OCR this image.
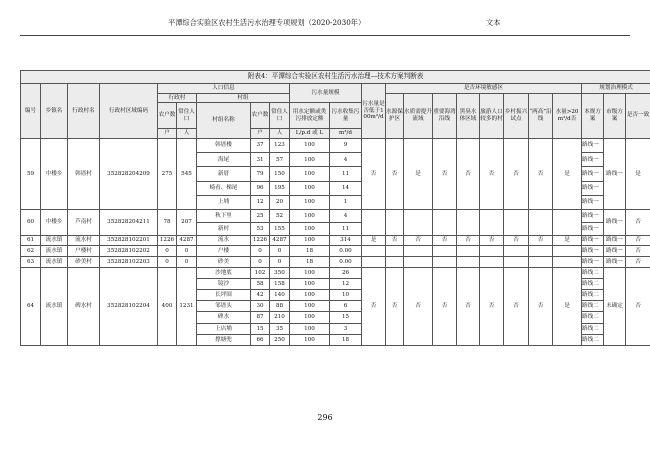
平潭综合实验区农村生活污水治理专项规划（2020-2030年）	文本
附表4：平潭综合实验区农村生活污水治理—技术方案判断表																						
编号	乡镇名	行政村名	行政村区域编码	人口信息					污水量规模		污水量是否低于100m³/d	是否环境敏感区								规划治理模式		
				行政村		村组						水源保护区	水质需提升流域	重要海湾沿线	黑臭水体区域	旅游人口较多的村	乡村振兴试点	“两高”沿线	水量>20m³/d否	本规方案	市级方案	是否一致
				农户数	常住人口	村组名称	农户数	常住人口	用水定额或类污排放定额	污水收集污量												
				户	人		户	人	L/p.d 或 L	m³/d												
59	中楼乡	韩厝村	352828204209	275	545	韩厝楼	37	123	100	9	否	否	是	否	否	否	否	否	是	路线一	路线一	是
						海尾	31	57	100	4										路线一		
						新厝	79	150	100	11										路线一		
						崎看、梯尾	96	195	100	14										路线一		
						上埔	12	20	100	1										路线一		
60	中楼乡	芦南村	352828204211	78	207	秋下里	25	52	100	4										路线一	路线一	否
						新村	53	155	100	11										路线一		
61	流水镇	流水村	352828102201	1226	4287	流水	1226	4287	100	314	是	否	否	否	否	否	否	否	是	路线一	路线一	否
62	流水镇	户楼村	352828102202	0	0	户楼	0	0	18	0.00										路线一	路线一	否
63	流水镇	砂美村	352828102203	0	0	砂美	0	0	18	0.00										路线一	路线一	否
64	流水镇	碑水村	352828102204	400	1231	沙地底	102	350	100	26	否	否	否	否	否	否	否	否	是	路线二	未确定	否
						镜沙	58	158	100	12										路线二		
						长坪围	42	140	100	10										路线二		
						邹厝头	30	88	100	6										路线二		
						碑水	87	210	100	15										路线二		
						上店埔	15	35	100	3										路线二		
						撑塘兜	66	250	100	18										路线二		
296
